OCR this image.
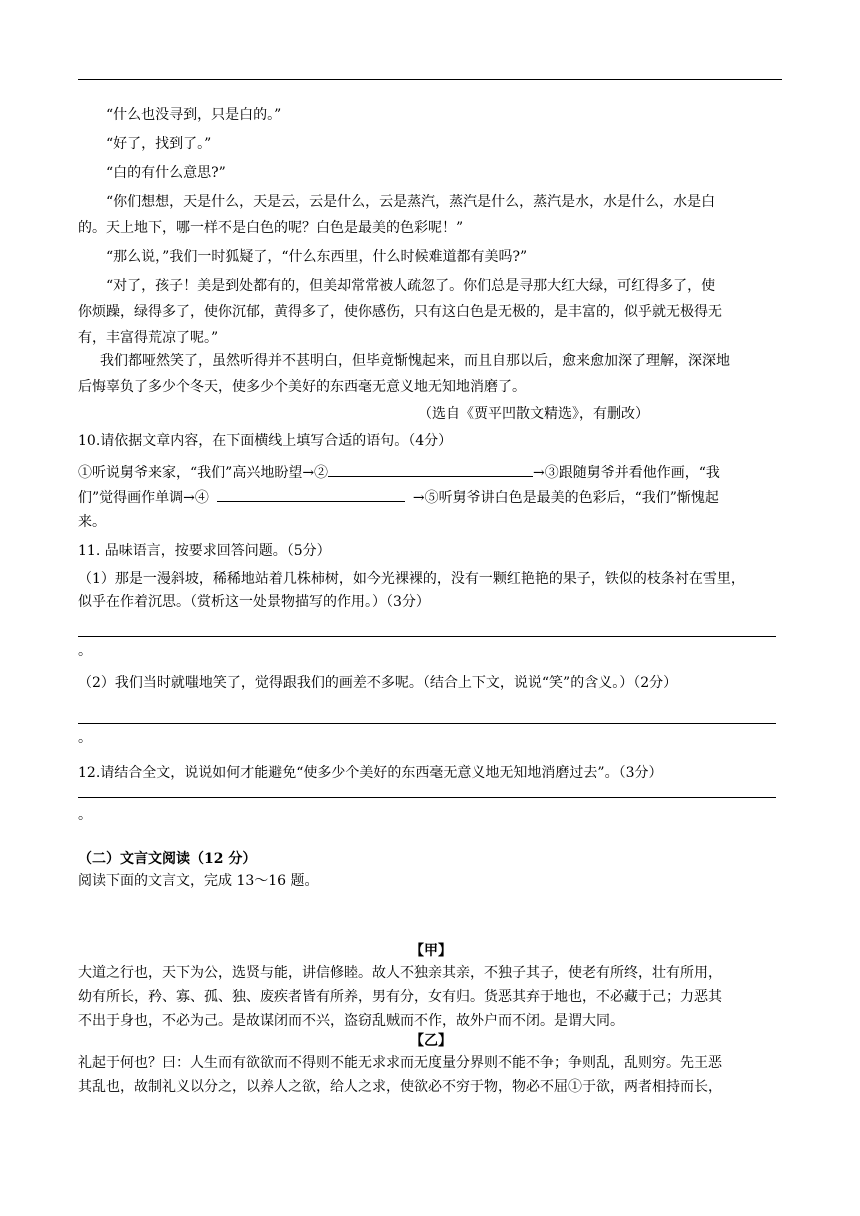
“什么也没寻到，只是白的。”
“好了，找到了。”
“白的有什么意思?”
“你们想想，天是什么，天是云，云是什么，云是蒸汽，蒸汽是什么，蒸汽是水，水是什么，水是白
的。天上地下，哪一样不是白色的呢？白色是最美的色彩呢！”
“那么说，”我们一时狐疑了，“什么东西里，什么时候难道都有美吗?”
“对了，孩子！美是到处都有的，但美却常常被人疏忽了。你们总是寻那大红大绿，可红得多了，使
你烦躁，绿得多了，使你沉郁，黄得多了，使你感伤，只有这白色是无极的，是丰富的，似乎就无极得无
有，丰富得荒凉了呢。”
我们都哑然笑了，虽然听得并不甚明白，但毕竟惭愧起来，而且自那以后，愈来愈加深了理解，深深地
后悔辜负了多少个冬天，使多少个美好的东西毫无意义地无知地消磨了。
（选自《贾平凹散文精选》，有删改）
10.请依据文章内容，在下面横线上填写合适的语句。（4分）
①听说舅爷来家，“我们”高兴地盼望→②	→③跟随舅爷并看他作画，“我
们”觉得画作单调→④	→⑤听舅爷讲白色是最美的色彩后，“我们”惭愧起
来。
11. 品味语言，按要求回答问题。（5分）
（1）那是一漫斜坡，稀稀地站着几株柿树，如今光裸裸的，没有一颗红艳艳的果子，铁似的枝条衬在雪里，
似乎在作着沉思。（赏析这一处景物描写的作用。）（3分）
。
（2）我们当时就嗤地笑了，觉得跟我们的画差不多呢。（结合上下文，说说“笑”的含义。）（2分）
。
12.请结合全文，说说如何才能避免“使多少个美好的东西毫无意义地无知地消磨过去”。（3分）
。
（二）文言文阅读（12 分）
阅读下面的文言文，完成 13～16 题。
【甲】
大道之行也，天下为公，选贤与能，讲信修睦。故人不独亲其亲，不独子其子，使老有所终，壮有所用，
幼有所长，矜、寡、孤、独、废疾者皆有所养，男有分，女有归。货恶其弃于地也，不必藏于己；力恶其
不出于身也，不必为己。是故谋闭而不兴，盗窃乱贼而不作，故外户而不闭。是谓大同。
【乙】
礼起于何也？曰：人生而有欲欲而不得则不能无求求而无度量分界则不能不争；争则乱，乱则穷。先王恶
其乱也，故制礼义以分之，以养人之欲，给人之求，使欲必不穷于物，物必不屈①于欲，两者相持而长，
